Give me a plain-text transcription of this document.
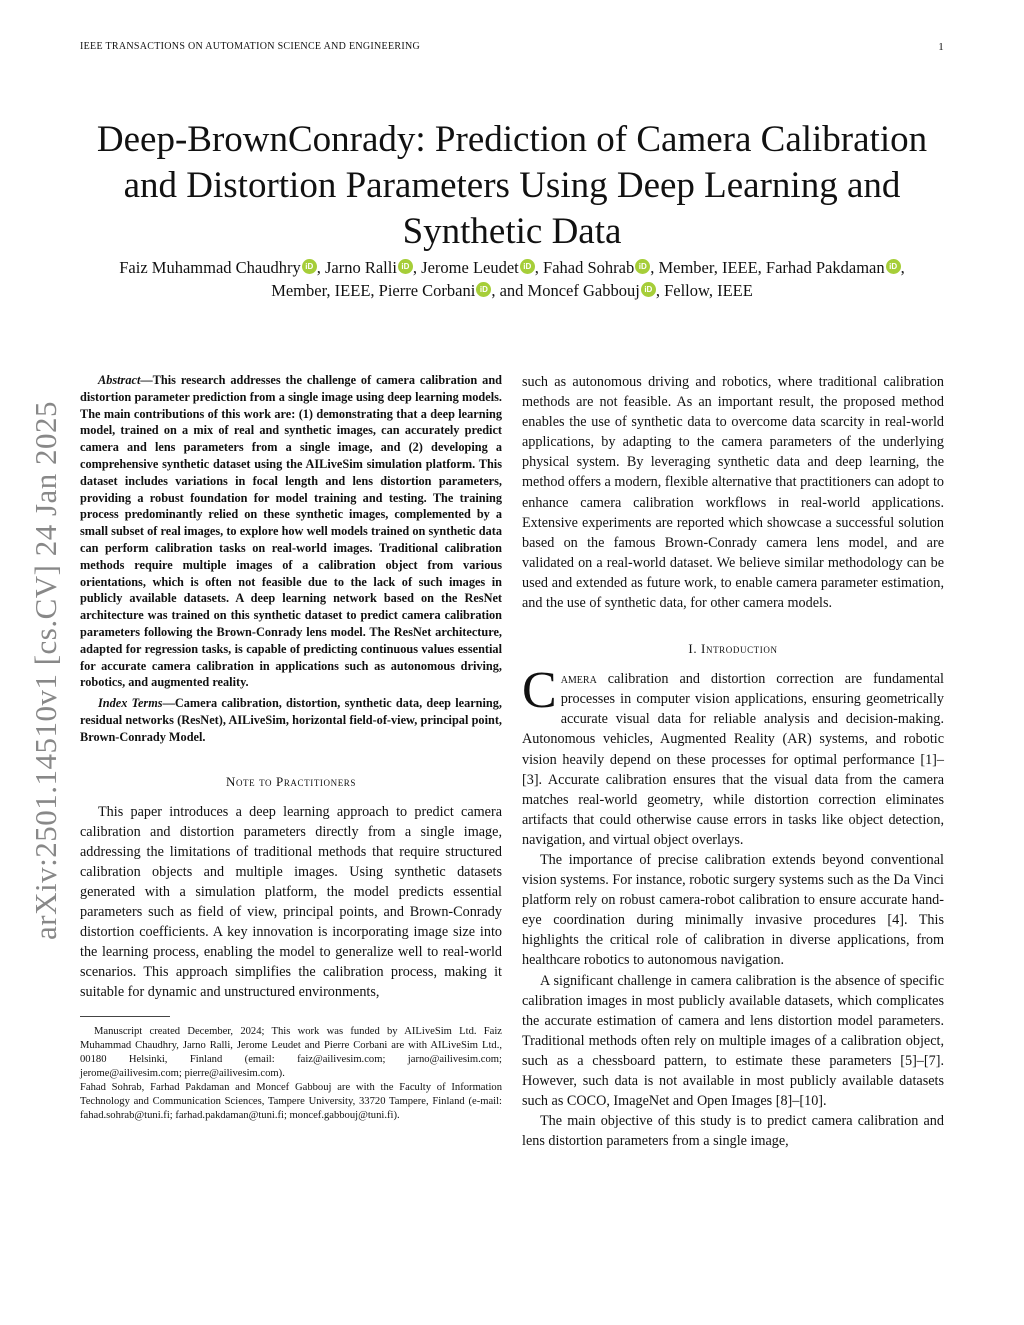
IEEE TRANSACTIONS ON AUTOMATION SCIENCE AND ENGINEERING	1
arXiv:2501.14510v1 [cs.CV] 24 Jan 2025
Deep-BrownConrady: Prediction of Camera Calibration and Distortion Parameters Using Deep Learning and Synthetic Data
Faiz Muhammad Chaudhry iD , Jarno Ralli iD , Jerome Leudet iD , Fahad Sohrab iD , Member, IEEE, Farhad Pakdaman iD , Member, IEEE, Pierre Corbani iD , and Moncef Gabbouj iD , Fellow, IEEE

Abstract—This research addresses the challenge of camera calibration and distortion parameter prediction from a single image using deep learning models. The main contributions of this work are: (1) demonstrating that a deep learning model, trained on a mix of real and synthetic images, can accurately predict camera and lens parameters from a single image, and (2) developing a comprehensive synthetic dataset using the AILiveSim simulation platform. This dataset includes variations in focal length and lens distortion parameters, providing a robust foundation for model training and testing. The training process predominantly relied on these synthetic images, complemented by a small subset of real images, to explore how well models trained on synthetic data can perform calibration tasks on real-world images. Traditional calibration methods require multiple images of a calibration object from various orientations, which is often not feasible due to the lack of such images in publicly available datasets. A deep learning network based on the ResNet architecture was trained on this synthetic dataset to predict camera calibration parameters following the Brown-Conrady lens model. The ResNet architecture, adapted for regression tasks, is capable of predicting continuous values essential for accurate camera calibration in applications such as autonomous driving, robotics, and augmented reality.

Index Terms—Camera calibration, distortion, synthetic data, deep learning, residual networks (ResNet), AILiveSim, horizontal field-of-view, principal point, Brown-Conrady Model.

Note to Practitioners

This paper introduces a deep learning approach to predict camera calibration and distortion parameters directly from a single image, addressing the limitations of traditional methods that require structured calibration objects and multiple images. Using synthetic datasets generated with a simulation platform, the model predicts essential parameters such as field of view, principal points, and Brown-Conrady distortion coefficients. A key innovation is incorporating image size into the learning process, enabling the model to generalize well to real-world scenarios. This approach simplifies the calibration process, making it suitable for dynamic and unstructured environments,

Manuscript created December, 2024; This work was funded by AILiveSim Ltd. Faiz Muhammad Chaudhry, Jarno Ralli, Jerome Leudet and Pierre Corbani are with AILiveSim Ltd., 00180 Helsinki, Finland (email: faiz@ailivesim.com; jarno@ailivesim.com; jerome@ailivesim.com; pierre@ailivesim.com).

Fahad Sohrab, Farhad Pakdaman and Moncef Gabbouj are with the Faculty of Information Technology and Communication Sciences, Tampere University, 33720 Tampere, Finland (e-mail: fahad.sohrab@tuni.fi; farhad.pakdaman@tuni.fi; moncef.gabbouj@tuni.fi).

such as autonomous driving and robotics, where traditional calibration methods are not feasible. As an important result, the proposed method enables the use of synthetic data to overcome data scarcity in real-world applications, by adapting to the camera parameters of the underlying physical system. By leveraging synthetic data and deep learning, the method offers a modern, flexible alternative that practitioners can adopt to enhance camera calibration workflows in real-world applications. Extensive experiments are reported which showcase a successful solution based on the famous Brown-Conrady camera lens model, and are validated on a real-world dataset. We believe similar methodology can be used and extended as future work, to enable camera parameter estimation, and the use of synthetic data, for other camera models.

I. Introduction

Camera calibration and distortion correction are fundamental processes in computer vision applications, ensuring geometrically accurate visual data for reliable analysis and decision-making. Autonomous vehicles, Augmented Reality (AR) systems, and robotic vision heavily depend on these processes for optimal performance [1]–[3]. Accurate calibration ensures that the visual data from the camera matches real-world geometry, while distortion correction eliminates artifacts that could otherwise cause errors in tasks like object detection, navigation, and virtual object overlays.

The importance of precise calibration extends beyond conventional vision systems. For instance, robotic surgery systems such as the Da Vinci platform rely on robust camera-robot calibration to ensure accurate hand-eye coordination during minimally invasive procedures [4]. This highlights the critical role of calibration in diverse applications, from healthcare robotics to autonomous navigation.

A significant challenge in camera calibration is the absence of specific calibration images in most publicly available datasets, which complicates the accurate estimation of camera and lens distortion model parameters. Traditional methods often rely on multiple images of a calibration object, such as a chessboard pattern, to estimate these parameters [5]–[7]. However, such data is not available in most publicly available datasets such as COCO, ImageNet and Open Images [8]–[10].

The main objective of this study is to predict camera calibration and lens distortion parameters from a single image,
